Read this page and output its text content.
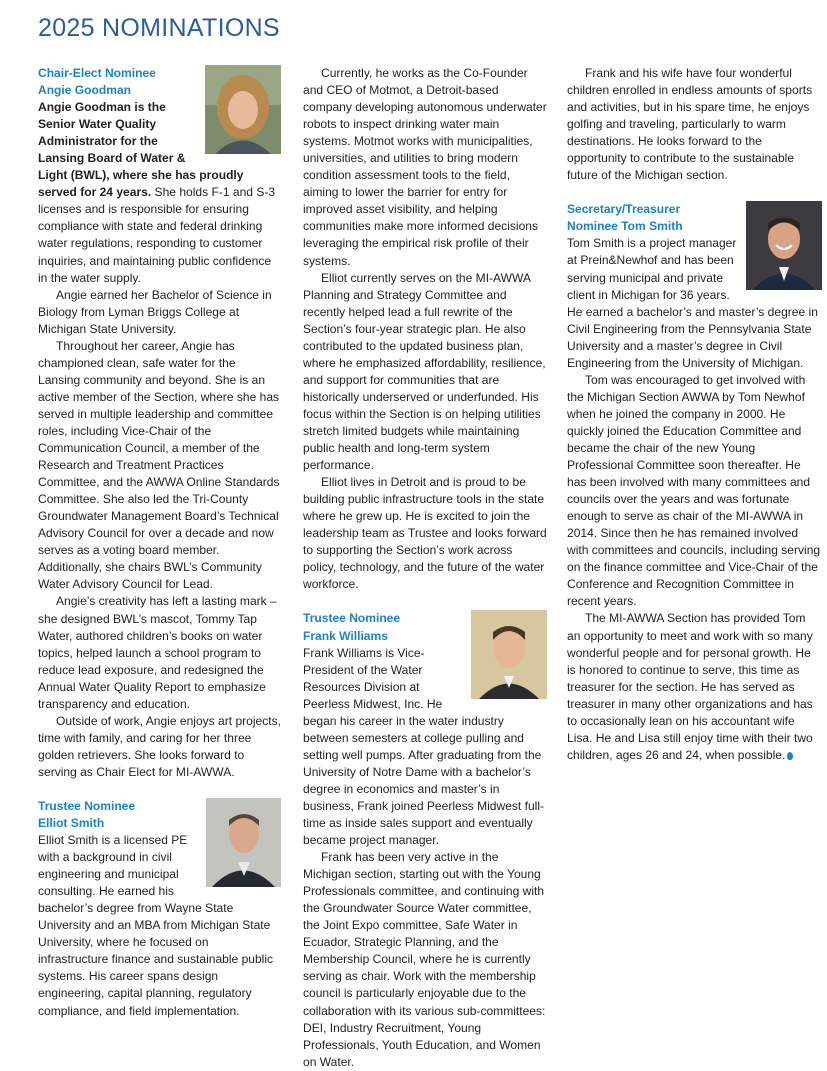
2025 NOMINATIONS

Chair-Elect Nominee

Angie Goodman

Angie Goodman is the Senior Water Quality Administrator for the Lansing Board of Water & Light (BWL), where she has proudly served for 24 years. She holds F-1 and S-3 licenses and is responsible for ensuring compliance with state and federal drinking water regulations, responding to customer inquiries, and maintaining public confidence in the water supply.

Angie earned her Bachelor of Science in Biology from Lyman Briggs College at Michigan State University.

Throughout her career, Angie has championed clean, safe water for the Lansing community and beyond. She is an active member of the Section, where she has served in multiple leadership and committee roles, including Vice-Chair of the Communication Council, a member of the Research and Treatment Practices Committee, and the AWWA Online Standards Committee. She also led the Tri-County Groundwater Management Board’s Technical Advisory Council for over a decade and now serves as a voting board member. Additionally, she chairs BWL’s Community Water Advisory Council for Lead.

Angie’s creativity has left a lasting mark – she designed BWL’s mascot, Tommy Tap Water, authored children’s books on water topics, helped launch a school program to reduce lead exposure, and redesigned the Annual Water Quality Report to emphasize transparency and education.

Outside of work, Angie enjoys art projects, time with family, and caring for her three golden retrievers. She looks forward to serving as Chair Elect for MI-AWWA.

Trustee Nominee

Elliot Smith

Elliot Smith is a licensed PE with a background in civil engineering and municipal consulting. He earned his bachelor’s degree from Wayne State University and an MBA from Michigan State University, where he focused on infrastructure finance and sustainable public systems. His career spans design engineering, capital planning, regulatory compliance, and field implementation.

Currently, he works as the Co-Founder and CEO of Motmot, a Detroit-based company developing autonomous underwater robots to inspect drinking water main systems. Motmot works with municipalities, universities, and utilities to bring modern condition assessment tools to the field, aiming to lower the barrier for entry for improved asset visibility, and helping communities make more informed decisions leveraging the empirical risk profile of their systems.

Elliot currently serves on the MI-AWWA Planning and Strategy Committee and recently helped lead a full rewrite of the Section’s four-year strategic plan. He also contributed to the updated business plan, where he emphasized affordability, resilience, and support for communities that are historically underserved or underfunded. His focus within the Section is on helping utilities stretch limited budgets while maintaining public health and long-term system performance.

Elliot lives in Detroit and is proud to be building public infrastructure tools in the state where he grew up. He is excited to join the leadership team as Trustee and looks forward to supporting the Section’s work across policy, technology, and the future of the water workforce.

Trustee Nominee

Frank Williams

Frank Williams is Vice-President of the Water Resources Division at Peerless Midwest, Inc. He began his career in the water industry between semesters at college pulling and setting well pumps. After graduating from the University of Notre Dame with a bachelor’s degree in economics and master’s in business, Frank joined Peerless Midwest full-time as inside sales support and eventually became project manager.

Frank has been very active in the Michigan section, starting out with the Young Professionals committee, and continuing with the Groundwater Source Water committee, the Joint Expo committee, Safe Water in Ecuador, Strategic Planning, and the Membership Council, where he is currently serving as chair. Work with the membership council is particularly enjoyable due to the collaboration with its various sub-committees: DEI, Industry Recruitment, Young Professionals, Youth Education, and Women on Water.

Frank and his wife have four wonderful children enrolled in endless amounts of sports and activities, but in his spare time, he enjoys golfing and traveling, particularly to warm destinations. He looks forward to the opportunity to contribute to the sustainable future of the Michigan section.

Secretary/Treasurer

Nominee Tom Smith

Tom Smith is a project manager at Prein&Newhof and has been serving municipal and private client in Michigan for 36 years. He earned a bachelor’s and master’s degree in Civil Engineering from the Pennsylvania State University and a master’s degree in Civil Engineering from the University of Michigan.

Tom was encouraged to get involved with the Michigan Section AWWA by Tom Newhof when he joined the company in 2000. He quickly joined the Education Committee and became the chair of the new Young Professional Committee soon thereafter. He has been involved with many committees and councils over the years and was fortunate enough to serve as chair of the MI-AWWA in 2014. Since then he has remained involved with committees and councils, including serving on the finance committee and Vice-Chair of the Conference and Recognition Committee in recent years.

The MI-AWWA Section has provided Tom an opportunity to meet and work with so many wonderful people and for personal growth. He is honored to continue to serve, this time as treasurer for the section. He has served as treasurer in many other organizations and has to occasionally lean on his accountant wife Lisa. He and Lisa still enjoy time with their two children, ages 26 and 24, when possible.
